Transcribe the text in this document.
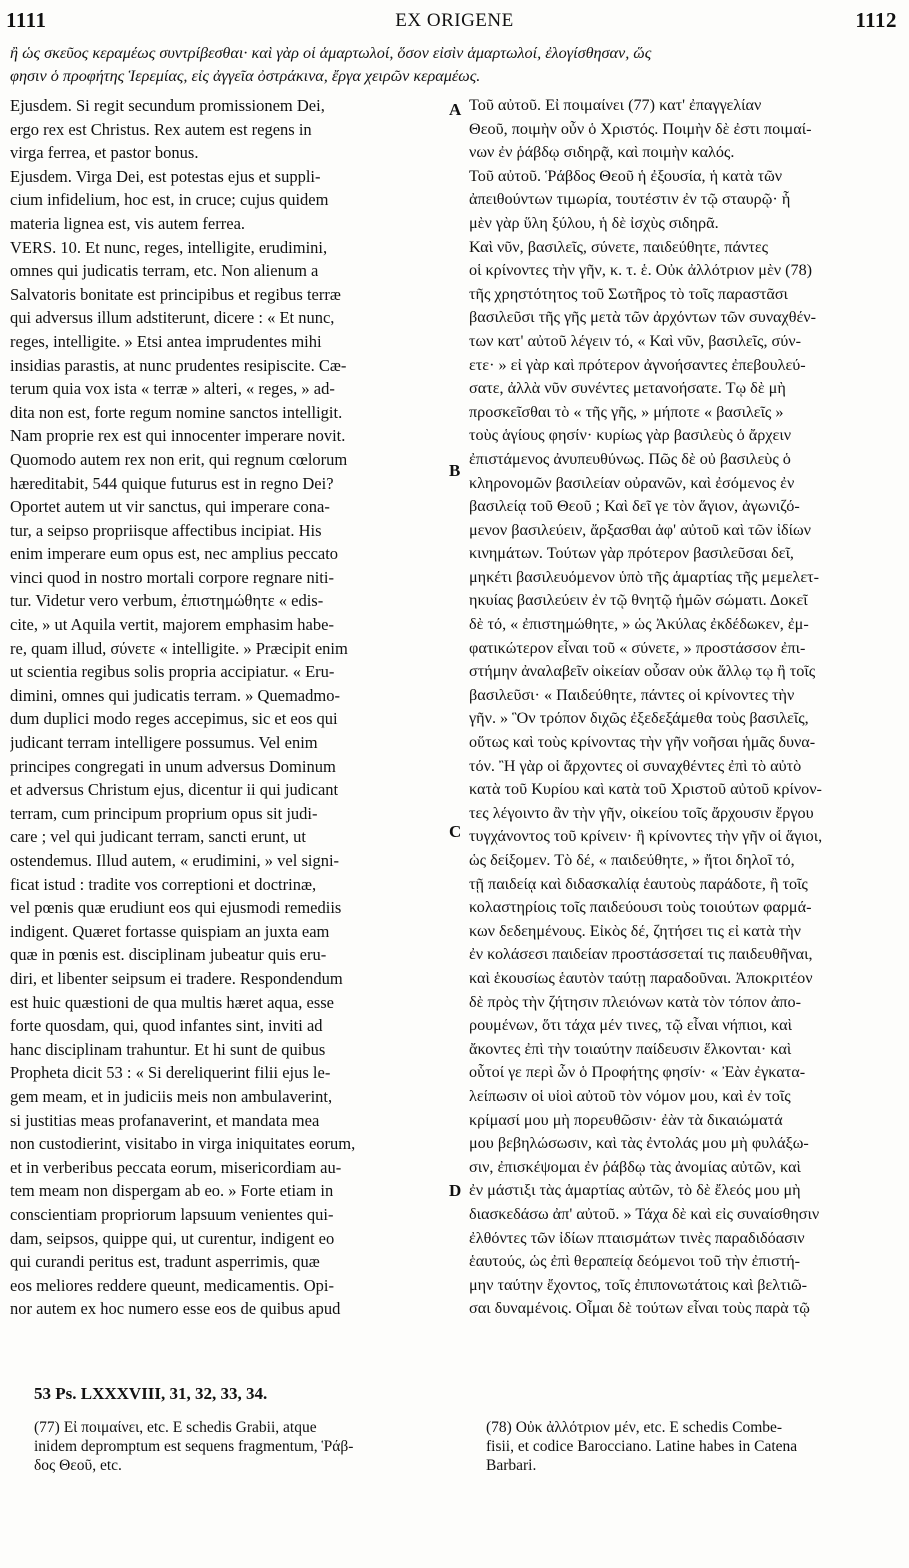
1111	EX ORIGENE	1112
ἢ ὡς σκεῦος κεραμέως συντρίβεσθαι· καὶ γὰρ οἱ ἁμαρτωλοί, ὅσον εἰσὶν ἁμαρτωλοί, ἐλογίσθησαν, ὥς
φησιν ὁ προφήτης Ἱερεμίας, εἰς ἀγγεῖα ὀστράκινα, ἔργα χειρῶν κεραμέως.
Ejusdem. Si regit secundum promissionem Dei,
ergo rex est Christus. Rex autem est regens in
virga ferrea, et pastor bonus.
Ejusdem. Virga Dei, est potestas ejus et suppli-
cium infidelium, hoc est, in cruce; cujus quidem
materia lignea est, vis autem ferrea.
VERS. 10. Et nunc, reges, intelligite, erudimini,
omnes qui judicatis terram, etc. Non alienum a
Salvatoris bonitate est principibus et regibus terræ
qui adversus illum adstiterunt, dicere : « Et nunc,
reges, intelligite. » Etsi antea imprudentes mihi
insidias parastis, at nunc prudentes resipiscite. Cæ-
terum quia vox ista « terræ » alteri, « reges, » ad-
dita non est, forte regum nomine sanctos intelligit.
Nam proprie rex est qui innocenter imperare novit.
Quomodo autem rex non erit, qui regnum cœlorum
hæreditabit, 544 quique futurus est in regno Dei?
Oportet autem ut vir sanctus, qui imperare cona-
tur, a seipso propriisque affectibus incipiat. His
enim imperare eum opus est, nec amplius peccato
vinci quod in nostro mortali corpore regnare niti-
tur. Videtur vero verbum, ἐπιστημώθητε « edis-
cite, » ut Aquila vertit, majorem emphasim habe-
re, quam illud, σύνετε « intelligite. » Præcipit enim
ut scientia regibus solis propria accipiatur. « Eru-
dimini, omnes qui judicatis terram. » Quemadmo-
dum duplici modo reges accepimus, sic et eos qui
judicant terram intelligere possumus. Vel enim
principes congregati in unum adversus Dominum
et adversus Christum ejus, dicentur ii qui judicant
terram, cum principum proprium opus sit judi-
care ; vel qui judicant terram, sancti erunt, ut
ostendemus. Illud autem, « erudimini, » vel signi-
ficat istud : tradite vos correptioni et doctrinæ,
vel pœnis quæ erudiunt eos qui ejusmodi remediis
indigent. Quæret fortasse quispiam an juxta eam
quæ in pœnis est. disciplinam jubeatur quis eru-
diri, et libenter seipsum ei tradere. Respondendum
est huic quæstioni de qua multis hæret aqua, esse
forte quosdam, qui, quod infantes sint, inviti ad
hanc disciplinam trahuntur. Et hi sunt de quibus
Propheta dicit 53 : « Si dereliquerint filii ejus le-
gem meam, et in judiciis meis non ambulaverint,
si justitias meas profanaverint, et mandata mea
non custodierint, visitabo in virga iniquitates eorum,
et in verberibus peccata eorum, misericordiam au-
tem meam non dispergam ab eo. » Forte etiam in
conscientiam propriorum lapsuum venientes qui-
dam, seipsos, quippe qui, ut curentur, indigent eo
qui curandi peritus est, tradunt asperrimis, quæ
eos meliores reddere queunt, medicamentis. Opi-
nor autem ex hoc numero esse eos de quibus apud
Τοῦ αὐτοῦ. Εἰ ποιμαίνει (77) κατ' ἐπαγγελίαν
Θεοῦ, ποιμὴν οὖν ὁ Χριστός. Ποιμὴν δὲ ἐστι ποιμαί-
νων ἐν ῥάβδῳ σιδηρᾷ, καὶ ποιμὴν καλός.
Τοῦ αὐτοῦ. Ῥάβδος Θεοῦ ἡ ἐξουσία, ἡ κατὰ τῶν
ἀπειθούντων τιμωρία, τουτέστιν ἐν τῷ σταυρῷ· ἧ
μὲν γὰρ ὕλη ξύλου, ἡ δὲ ἰσχὺς σιδηρᾶ.
Καὶ νῦν, βασιλεῖς, σύνετε, παιδεύθητε, πάντες
οἱ κρίνοντες τὴν γῆν, κ. τ. ἑ. Οὐκ ἀλλότριον μὲν (78)
τῆς χρηστότητος τοῦ Σωτῆρος τὸ τοῖς παραστᾶσι
βασιλεῦσι τῆς γῆς μετὰ τῶν ἀρχόντων τῶν συναχθέν-
των κατ' αὐτοῦ λέγειν τό, « Καὶ νῦν, βασιλεῖς, σύν-
ετε· » εἰ γὰρ καὶ πρότερον ἀγνοήσαντες ἐπεβουλεύ-
σατε, ἀλλὰ νῦν συνέντες μετανοήσατε. Τῳ δὲ μὴ
προσκεῖσθαι τὸ « τῆς γῆς, » μήποτε « βασιλεῖς »
τοὺς ἁγίους φησίν· κυρίως γὰρ βασιλεὺς ὁ ἄρχειν
ἐπιστάμενος ἀνυπευθύνως. Πῶς δὲ οὐ βασιλεὺς ὁ
κληρονομῶν βασιλείαν οὐρανῶν, καὶ ἐσόμενος ἐν
βασιλείᾳ τοῦ Θεοῦ ; Καὶ δεῖ γε τὸν ἅγιον, ἀγωνιζό-
μενον βασιλεύειν, ἄρξασθαι ἀφ' αὐτοῦ καὶ τῶν ἰδίων
κινημάτων. Τούτων γὰρ πρότερον βασιλεῦσαι δεῖ,
μηκέτι βασιλευόμενον ὑπὸ τῆς ἁμαρτίας τῆς μεμελετ-
ηκυίας βασιλεύειν ἐν τῷ θνητῷ ἡμῶν σώματι. Δοκεῖ
δὲ τό, « ἐπιστημώθητε, » ὡς Ἀκύλας ἐκδέδωκεν, ἐμ-
φατικώτερον εἶναι τοῦ « σύνετε, » προστάσσον ἐπι-
στήμην ἀναλαβεῖν οἰκείαν οὖσαν οὐκ ἄλλῳ τῳ ἢ τοῖς
βασιλεῦσι· « Παιδεύθητε, πάντες οἱ κρίνοντες τὴν
γῆν. » Ὃν τρόπον διχῶς ἐξεδεξάμεθα τοὺς βασιλεῖς,
οὕτως καὶ τοὺς κρίνοντας τὴν γῆν νοῆσαι ἡμᾶς δυνα-
τόν. Ἢ γὰρ οἱ ἄρχοντες οἱ συναχθέντες ἐπὶ τὸ αὐτὸ
κατὰ τοῦ Κυρίου καὶ κατὰ τοῦ Χριστοῦ αὐτοῦ κρίνον-
τες λέγοιντο ἂν τὴν γῆν, οἰκείου τοῖς ἄρχουσιν ἔργου
τυγχάνοντος τοῦ κρίνειν· ἢ κρίνοντες τὴν γῆν οἱ ἅγιοι,
ὡς δείξομεν. Τὸ δέ, « παιδεύθητε, » ἤτοι δηλοῖ τό,
τῇ παιδείᾳ καὶ διδασκαλίᾳ ἑαυτοὺς παράδοτε, ἢ τοῖς
κολαστηρίοις τοῖς παιδεύουσι τοὺς τοιούτων φαρμά-
κων δεδεημένους. Εἰκὸς δέ, ζητήσει τις εἰ κατὰ τὴν
ἐν κολάσεσι παιδείαν προστάσσεταί τις παιδευθῆναι,
καὶ ἑκουσίως ἑαυτὸν ταύτῃ παραδοῦναι. Ἀποκριτέον
δὲ πρὸς τὴν ζήτησιν πλειόνων κατὰ τὸν τόπον ἀπο-
ρουμένων, ὅτι τάχα μέν τινες, τῷ εἶναι νήπιοι, καὶ
ἄκοντες ἐπὶ τὴν τοιαύτην παίδευσιν ἕλκονται· καὶ
οὗτοί γε περὶ ὧν ὁ Προφήτης φησίν· « Ἐὰν ἐγκατα-
λείπωσιν οἱ υἱοὶ αὐτοῦ τὸν νόμον μου, καὶ ἐν τοῖς
κρίμασί μου μὴ πορευθῶσιν· ἐὰν τὰ δικαιώματά
μου βεβηλώσωσιν, καὶ τὰς ἐντολάς μου μὴ φυλάξω-
σιν, ἐπισκέψομαι ἐν ῥάβδῳ τὰς ἀνομίας αὐτῶν, καὶ
ἐν μάστιξι τὰς ἁμαρτίας αὐτῶν, τὸ δὲ ἔλεός μου μὴ
διασκεδάσω ἀπ' αὐτοῦ. » Τάχα δὲ καὶ εἰς συναίσθησιν
ἐλθόντες τῶν ἰδίων πταισμάτων τινὲς παραδιδόασιν
ἑαυτούς, ὡς ἐπὶ θεραπείᾳ δεόμενοι τοῦ τὴν ἐπιστή-
μην ταύτην ἔχοντος, τοῖς ἐπιπονωτάτοις καὶ βελτιῶ-
σαι δυναμένοις. Οἶμαι δὲ τούτων εἶναι τοὺς παρὰ τῷ
A
B
C
D
53 Ps. LXXXVIII, 31, 32, 33, 34.
(77) Εἰ ποιμαίνει, etc. E schedis Grabii, atque
inidem depromptum est sequens fragmentum, Ῥάβ-
δος Θεοῦ, etc.
(78) Οὐκ ἀλλότριον μέν, etc. E schedis Combe-
fisii, et codice Barocciano. Latine habes in Catena
Barbari.
